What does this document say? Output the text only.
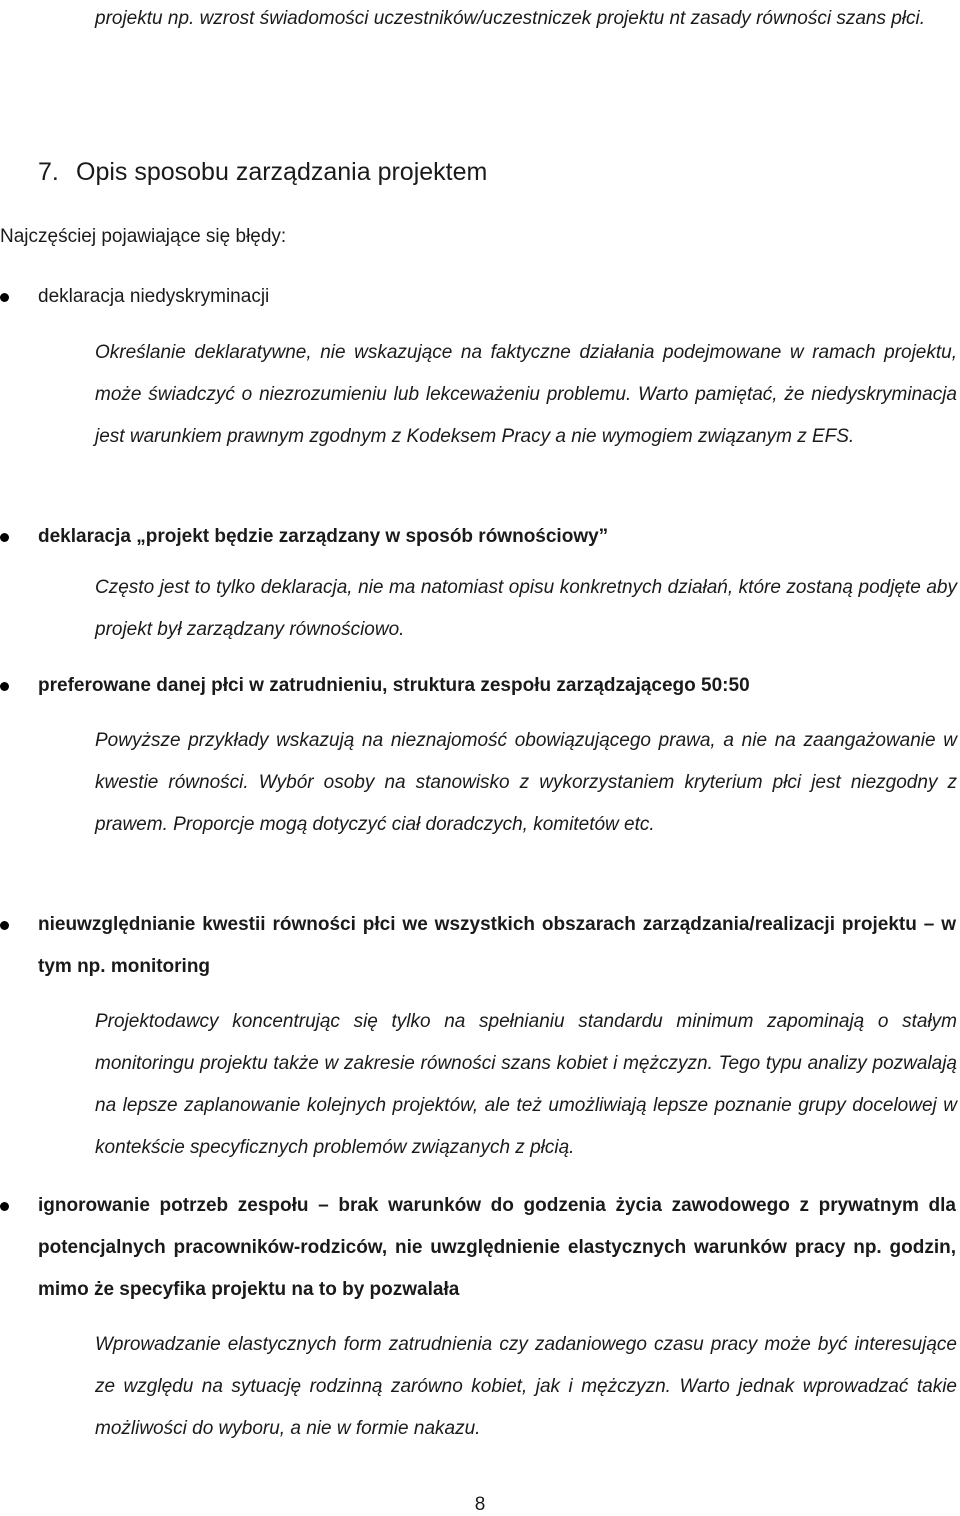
projektu np. wzrost świadomości uczestników/uczestniczek projektu nt zasady równości szans płci.
7. Opis sposobu zarządzania projektem
Najczęściej pojawiające się błędy:
deklaracja niedyskryminacji
Określanie deklaratywne, nie wskazujące na faktyczne działania podejmowane w ramach projektu, może świadczyć o niezrozumieniu lub lekceważeniu problemu. Warto pamiętać, że niedyskryminacja jest warunkiem prawnym zgodnym z Kodeksem Pracy a nie wymogiem związanym z EFS.
deklaracja „projekt będzie zarządzany w sposób równościowy”
Często jest to tylko deklaracja, nie ma natomiast opisu konkretnych działań, które zostaną podjęte aby projekt był zarządzany równościowo.
preferowane danej płci w zatrudnieniu, struktura zespołu zarządzającego 50:50
Powyższe przykłady wskazują na nieznajomość obowiązującego prawa, a nie na zaangażowanie w kwestie równości. Wybór osoby na stanowisko z wykorzystaniem kryterium płci jest niezgodny z prawem. Proporcje mogą dotyczyć ciał doradczych, komitetów etc.
nieuwzględnianie kwestii równości płci we wszystkich obszarach zarządzania/realizacji projektu – w tym np. monitoring
Projektodawcy koncentrując się tylko na spełnianiu standardu minimum zapominają o stałym monitoringu projektu także w zakresie równości szans kobiet i mężczyzn. Tego typu analizy pozwalają na lepsze zaplanowanie kolejnych projektów, ale też umożliwiają lepsze poznanie grupy docelowej w kontekście specyficznych problemów związanych z płcią.
ignorowanie potrzeb zespołu – brak warunków do godzenia życia zawodowego z prywatnym dla potencjalnych pracowników-rodziców, nie uwzględnienie elastycznych warunków pracy np. godzin, mimo że specyfika projektu na to by pozwalała
Wprowadzanie elastycznych form zatrudnienia czy zadaniowego czasu pracy może być interesujące ze względu na sytuację rodzinną zarówno kobiet, jak i mężczyzn. Warto jednak wprowadzać takie możliwości do wyboru, a nie w formie nakazu.
8
